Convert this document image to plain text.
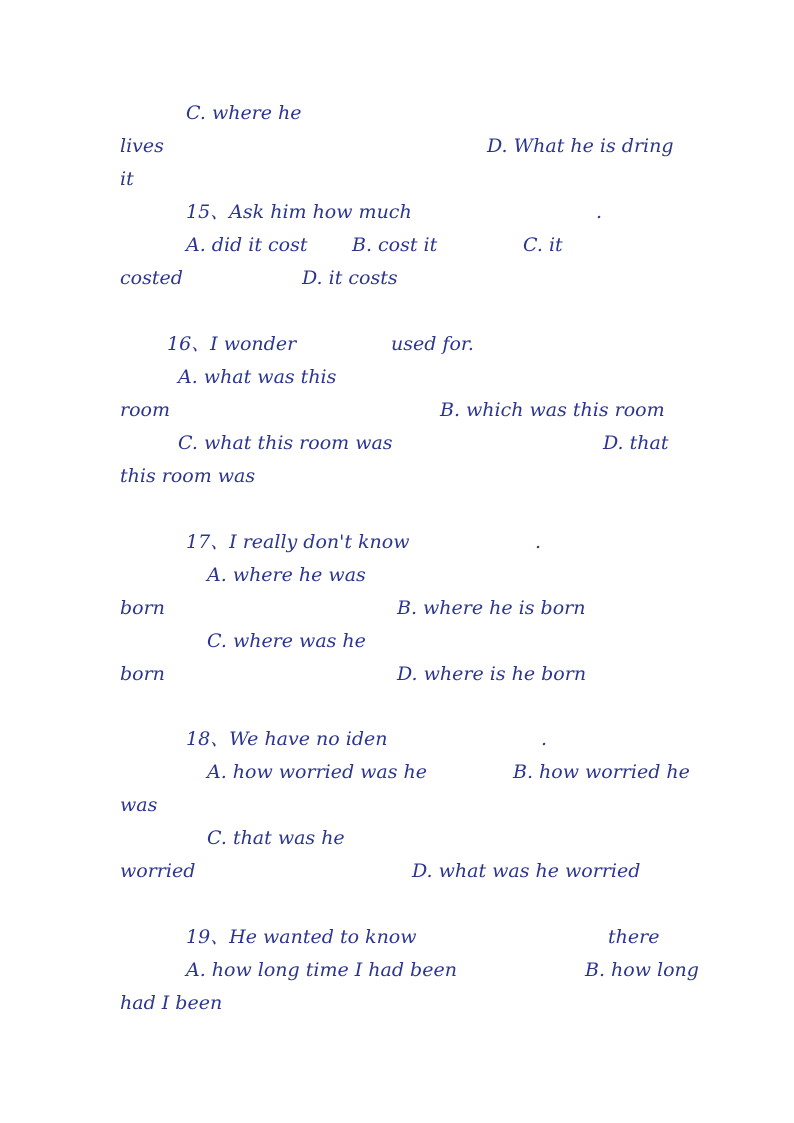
C. where he
lives	D. What he is dring
it
15、Ask him how much	.
A. did it cost B. cost it	C. it
costed	D. it costs
16、I wonder	used for.
A. what was this
room	B. which was this room
C. what this room was	D. that
this room was
17、I really don't know	.
A. where he was
born	B. where he is born
C. where was he
born	D. where is he born
18、We have no iden	.
A. how worried was he	B. how worried he
was
C. that was he
worried	D. what was he worried
19、He wanted to know	there
A. how long time I had been	B. how long
had I been
